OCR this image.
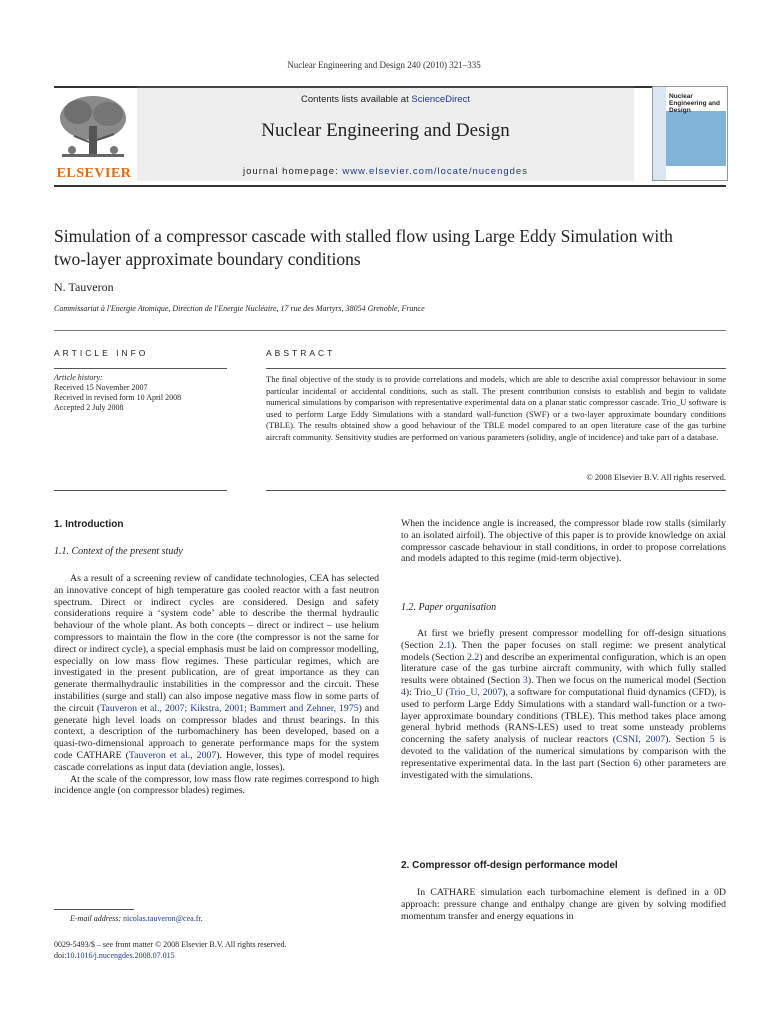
Nuclear Engineering and Design 240 (2010) 321–335
Contents lists available at ScienceDirect
Nuclear Engineering and Design
journal homepage: www.elsevier.com/locate/nucengdes
ELSEVIER
Nuclear Engineering and Design
Simulation of a compressor cascade with stalled flow using Large Eddy Simulation with two-layer approximate boundary conditions
N. Tauveron
Commissariat à l'Energie Atomique, Direction de l'Energie Nucléaire, 17 rue des Martyrs, 38054 Grenoble, France
ARTICLE INFO	ABSTRACT
Article history:
Received 15 November 2007
Received in revised form 10 April 2008
Accepted 2 July 2008
The final objective of the study is to provide correlations and models, which are able to describe axial compressor behaviour in some particular incidental or accidental conditions, such as stall. The present contribution consists to establish and begin to validate numerical simulations by comparison with representative experimental data on a planar static compressor cascade. Trio_U software is used to perform Large Eddy Simulations with a standard wall-function (SWF) or a two-layer approximate boundary conditions (TBLE). The results obtained show a good behaviour of the TBLE model compared to an open literature case of the gas turbine aircraft community. Sensitivity studies are performed on various parameters (solidity, angle of incidence) and take part of a database.
© 2008 Elsevier B.V. All rights reserved.
1. Introduction
1.1. Context of the present study

As a result of a screening review of candidate technologies, CEA has selected an innovative concept of high temperature gas cooled reactor with a fast neutron spectrum. Direct or indirect cycles are considered. Design and safety considerations require a ‘system code’ able to describe the thermal hydraulic behaviour of the whole plant. As both concepts – direct or indirect – use helium compressors to maintain the flow in the core (the compressor is not the same for direct or indirect cycle), a special emphasis must be laid on compressor modelling, especially on low mass flow regimes. These particular regimes, which are investigated in the present publication, are of great importance as they can generate thermalhydraulic instabilities in the compressor and the circuit. These instabilities (surge and stall) can also impose negative mass flow in some parts of the circuit (Tauveron et al., 2007; Kikstra, 2001; Bammert and Zehner, 1975) and generate high level loads on compressor blades and thrust bearings. In this context, a description of the turbomachinery has been developed, based on a quasi-two-dimensional approach to generate performance maps for the system code CATHARE (Tauveron et al., 2007). However, this type of model requires cascade correlations as input data (deviation angle, losses).

At the scale of the compressor, low mass flow rate regimes correspond to high incidence angle (on compressor blades) regimes.

When the incidence angle is increased, the compressor blade row stalls (similarly to an isolated airfoil). The objective of this paper is to provide knowledge on axial compressor cascade behaviour in stall conditions, in order to propose correlations and models adapted to this regime (mid-term objective).

1.2. Paper organisation

At first we briefly present compressor modelling for off-design situations (Section 2.1). Then the paper focuses on stall regime: we present analytical models (Section 2.2) and describe an experimental configuration, which is an open literature case of the gas turbine aircraft community, with which fully stalled results were obtained (Section 3). Then we focus on the numerical model (Section 4): Trio_U (Trio_U, 2007), a software for computational fluid dynamics (CFD), is used to perform Large Eddy Simulations with a standard wall-function or a two-layer approximate boundary conditions (TBLE). This method takes place among general hybrid methods (RANS-LES) used to treat some unsteady problems concerning the safety analysis of nuclear reactors (CSNI, 2007). Section 5 is devoted to the validation of the numerical simulations by comparison with the representative experimental data. In the last part (Section 6) other parameters are investigated with the simulations.

2. Compressor off-design performance model

In CATHARE simulation each turbomachine element is defined in a 0D approach: pressure change and enthalpy change are given by solving modified momentum transfer and energy equations in

E-mail address: nicolas.tauveron@cea.fr.
0029-5493/$ – see front matter © 2008 Elsevier B.V. All rights reserved.
doi:10.1016/j.nucengdes.2008.07.015
